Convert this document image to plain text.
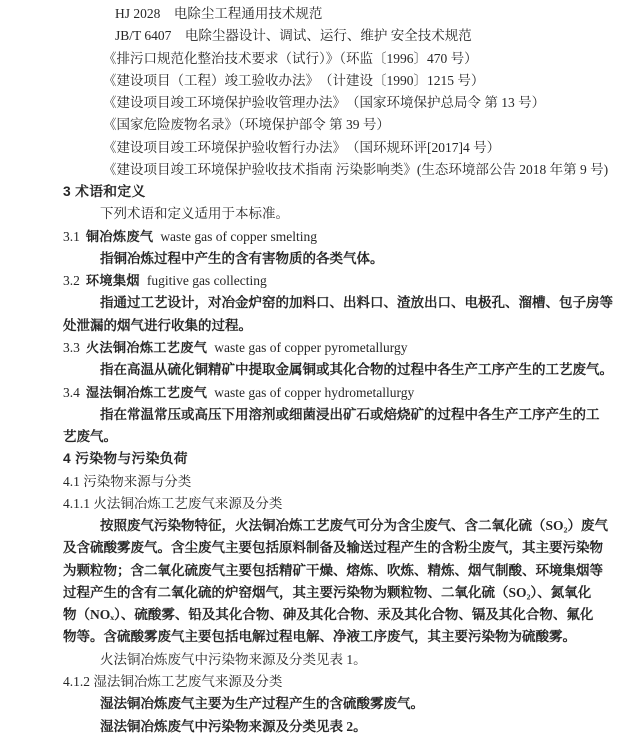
HJ 2028　电除尘工程通用技术规范
JB/T 6407　电除尘器设计、调试、运行、维护 安全技术规范
《排污口规范化整治技术要求（试行）》（环监〔1996〕470 号）
《建设项目（工程）竣工验收办法》　（计建设〔1990〕1215 号）
《建设项目竣工环境保护验收管理办法》　（国家环境保护总局令 第 13 号）
《国家危险废物名录》（环境保护部令 第 39 号）
《建设项目竣工环境保护验收暂行办法》　（国环规环评[2017]4 号）
《建设项目竣工环境保护验收技术指南 污染影响类》(生态环境部公告 2018 年第 9 号)
3 术语和定义
下列术语和定义适用于本标准。
3.1 铜冶炼废气 waste gas of copper smelting
指铜冶炼过程中产生的含有害物质的各类气体。
3.2 环境集烟 fugitive gas collecting
指通过工艺设计，对冶金炉窑的加料口、出料口、渣放出口、电极孔、溜槽、包子房等
处泄漏的烟气进行收集的过程。
3.3 火法铜冶炼工艺废气 waste gas of copper pyrometallurgy
指在高温从硫化铜精矿中提取金属铜或其化合物的过程中各生产工序产生的工艺废气。
3.4 湿法铜冶炼工艺废气 waste gas of copper hydrometallurgy
指在常温常压或高压下用溶剂或细菌浸出矿石或焙烧矿的过程中各生产工序产生的工
艺废气。
4 污染物与污染负荷
4.1 污染物来源与分类
4.1.1 火法铜冶炼工艺废气来源及分类
按照废气污染物特征，火法铜冶炼工艺废气可分为含尘废气、含二氧化硫（SO₂）废气
及含硫酸雾废气。含尘废气主要包括原料制备及输送过程产生的含粉尘废气，其主要污染物
为颗粒物；含二氧化硫废气主要包括精矿干燥、熔炼、吹炼、精炼、烟气制酸、环境集烟等
过程产生的含有二氧化硫的炉窑烟气，其主要污染物为颗粒物、二氧化硫（SO₂）、氮氧化
物（NOₓ）、硫酸雾、铅及其化合物、砷及其化合物、汞及其化合物、镉及其化合物、氟化
物等。含硫酸雾废气主要包括电解过程电解、净液工序废气，其主要污染物为硫酸雾。
火法铜冶炼废气中污染物来源及分类见表 1。
4.1.2 湿法铜冶炼工艺废气来源及分类
湿法铜冶炼废气主要为生产过程产生的含硫酸雾废气。
湿法铜冶炼废气中污染物来源及分类见表 2。
